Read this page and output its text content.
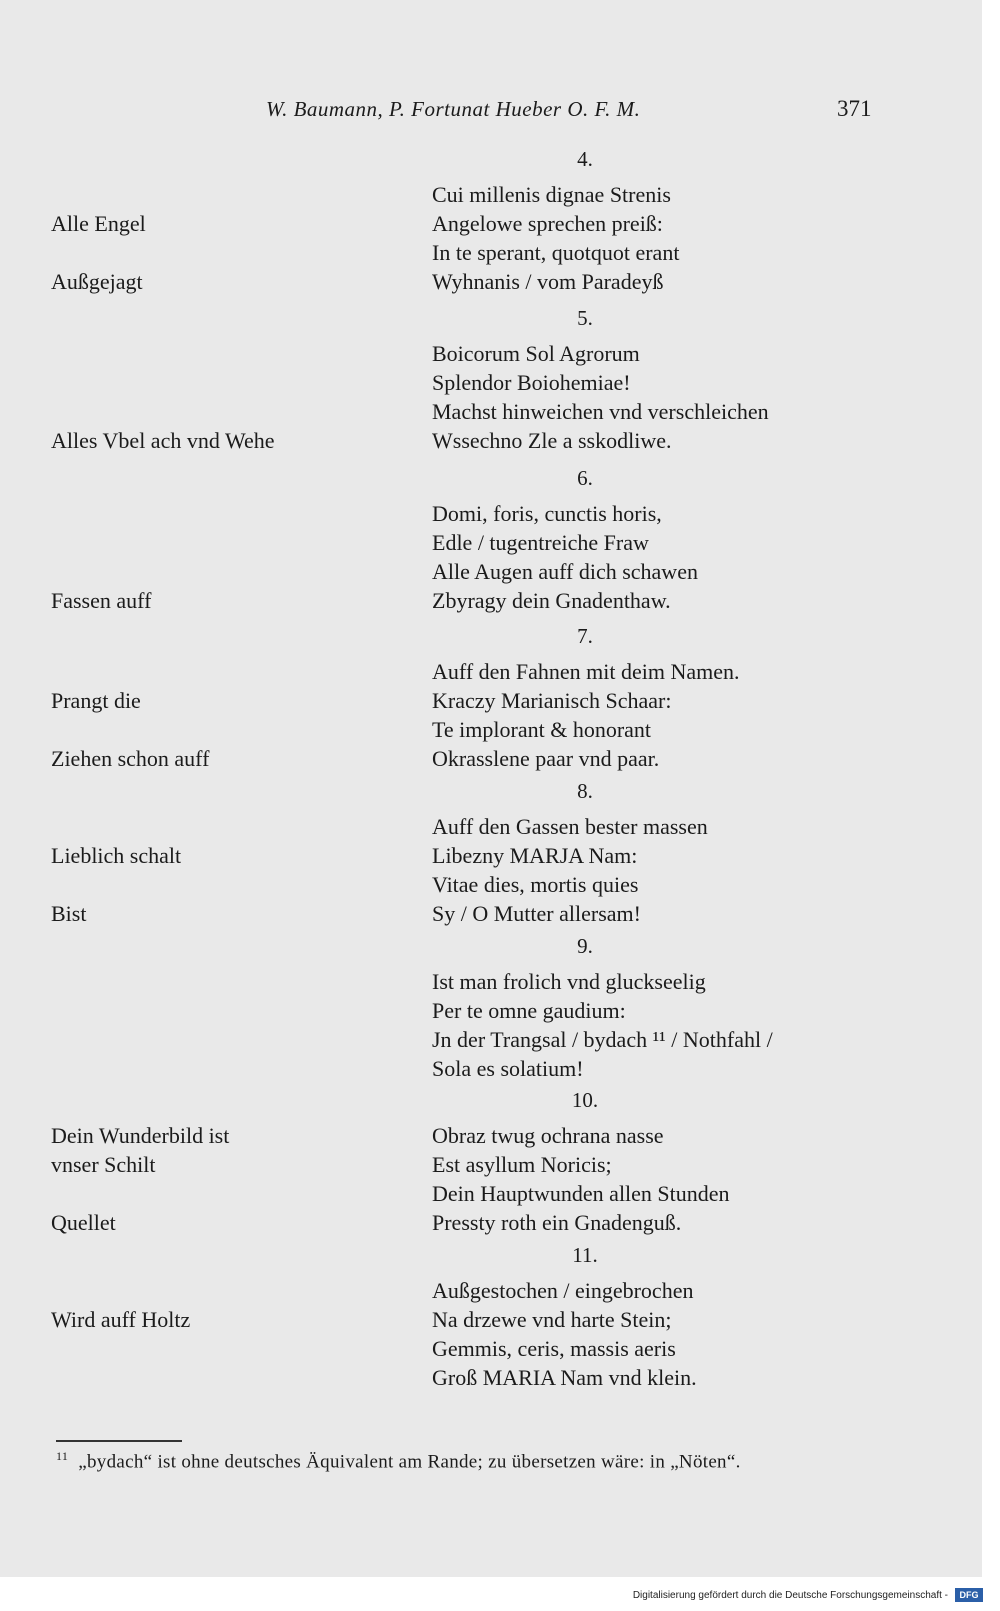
W. Baumann, P. Fortunat Hueber O. F. M.	371
4.
Cui millenis dignae Strenis
Angelowe sprechen preiß:
Alle Engel
In te sperant, quotquot erant
Wyhnanis / vom Paradeyß
Außgejagt
5.
Boicorum Sol Agrorum
Splendor Boiohemiae!
Machst hinweichen vnd verschleichen
Wssechno Zle a sskodliwe.
Alles Vbel ach vnd Wehe
6.
Domi, foris, cunctis horis,
Edle / tugentreiche Fraw
Alle Augen auff dich schawen
Zbyragy dein Gnadenthaw.
Fassen auff
7.
Auff den Fahnen mit deim Namen.
Kraczy Marianisch Schaar:
Prangt die
Te implorant & honorant
Okrasslene paar vnd paar.
Ziehen schon auff
8.
Auff den Gassen bester massen
Libezny MARJA Nam:
Lieblich schalt
Vitae dies, mortis quies
Sy / O Mutter allersam!
Bist
9.
Ist man frolich vnd gluckseelig
Per te omne gaudium:
Jn der Trangsal / bydach ¹¹ / Nothfahl /
Sola es solatium!
10.
Obraz twug ochrana nasse
Dein Wunderbild ist
Est asyllum Noricis;
vnser Schilt
Dein Hauptwunden allen Stunden
Pressty roth ein Gnadenguß.
Quellet
11.
Außgestochen / eingebrochen
Na drzewe vnd harte Stein;
Wird auff Holtz
Gemmis, ceris, massis aeris
Groß MARIA Nam vnd klein.
$^{11}$ „bydach“ ist ohne deutsches Äquivalent am Rande; zu übersetzen wäre: in „Nöten“.
Digitalisierung gefördert durch die Deutsche Forschungsgemeinschaft -	DFG
